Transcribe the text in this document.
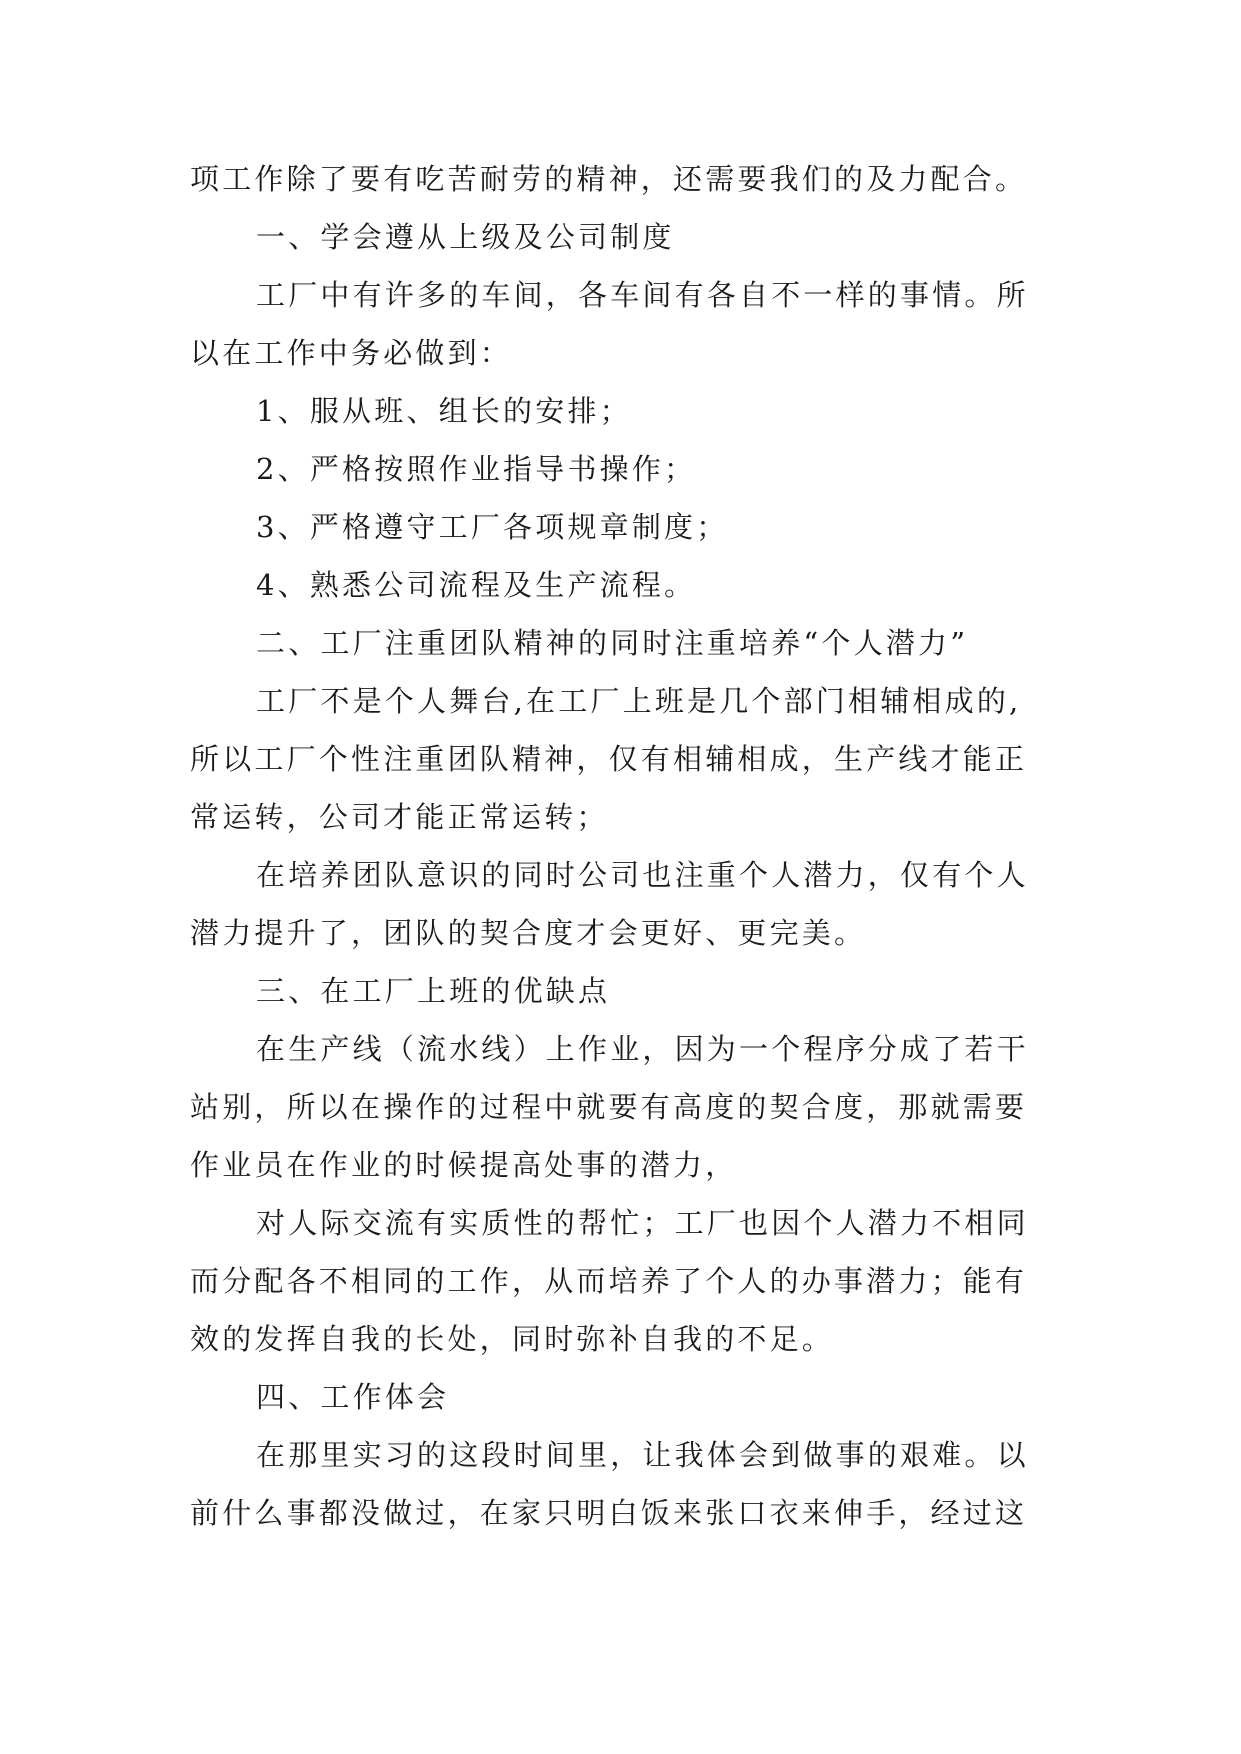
项工作除了要有吃苦耐劳的精神，还需要我们的及力配合。
一、学会遵从上级及公司制度
工厂中有许多的车间，各车间有各自不一样的事情。所
以在工作中务必做到：
1、服从班、组长的安排；
2、严格按照作业指导书操作；
3、严格遵守工厂各项规章制度；
4、熟悉公司流程及生产流程。
二、工厂注重团队精神的同时注重培养“个人潜力”
工厂不是个人舞台,在工厂上班是几个部门相辅相成的,
所以工厂个性注重团队精神，仅有相辅相成，生产线才能正
常运转，公司才能正常运转；
在培养团队意识的同时公司也注重个人潜力，仅有个人
潜力提升了，团队的契合度才会更好、更完美。
三、在工厂上班的优缺点
在生产线（流水线）上作业，因为一个程序分成了若干
站别，所以在操作的过程中就要有高度的契合度，那就需要
作业员在作业的时候提高处事的潜力，
对人际交流有实质性的帮忙；工厂也因个人潜力不相同
而分配各不相同的工作，从而培养了个人的办事潜力；能有
效的发挥自我的长处，同时弥补自我的不足。
四、工作体会
在那里实习的这段时间里，让我体会到做事的艰难。以
前什么事都没做过，在家只明白饭来张口衣来伸手，经过这
